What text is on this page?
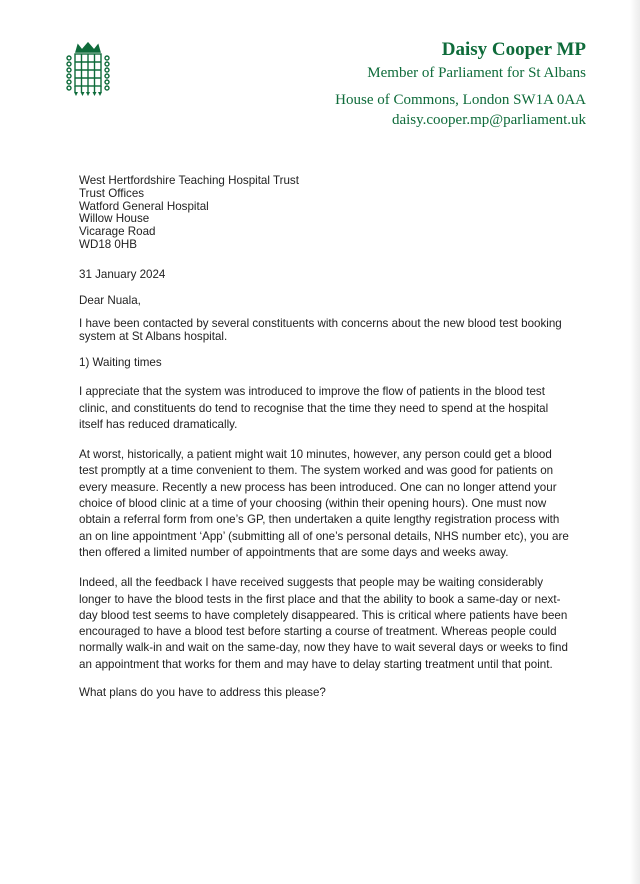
Daisy Cooper MP
Member of Parliament for St Albans
House of Commons, London SW1A 0AA
daisy.cooper.mp@parliament.uk
West Hertfordshire Teaching Hospital Trust
Trust Offices
Watford General Hospital
Willow House
Vicarage Road
WD18 0HB

31 January 2024

Dear Nuala,

I have been contacted by several constituents with concerns about the new blood test booking system at St Albans hospital.

1) Waiting times

I appreciate that the system was introduced to improve the flow of patients in the blood test clinic, and constituents do tend to recognise that the time they need to spend at the hospital itself has reduced dramatically.

At worst, historically, a patient might wait 10 minutes, however, any person could get a blood test promptly at a time convenient to them. The system worked and was good for patients on every measure. Recently a new process has been introduced. One can no longer attend your choice of blood clinic at a time of your choosing (within their opening hours). One must now obtain a referral form from one’s GP, then undertaken a quite lengthy registration process with an on line appointment ‘App’ (submitting all of one’s personal details, NHS number etc), you are then offered a limited number of appointments that are some days and weeks away.

Indeed, all the feedback I have received suggests that people may be waiting considerably longer to have the blood tests in the first place and that the ability to book a same-day or next-day blood test seems to have completely disappeared. This is critical where patients have been encouraged to have a blood test before starting a course of treatment. Whereas people could normally walk-in and wait on the same-day, now they have to wait several days or weeks to find an appointment that works for them and may have to delay starting treatment until that point.

What plans do you have to address this please?
